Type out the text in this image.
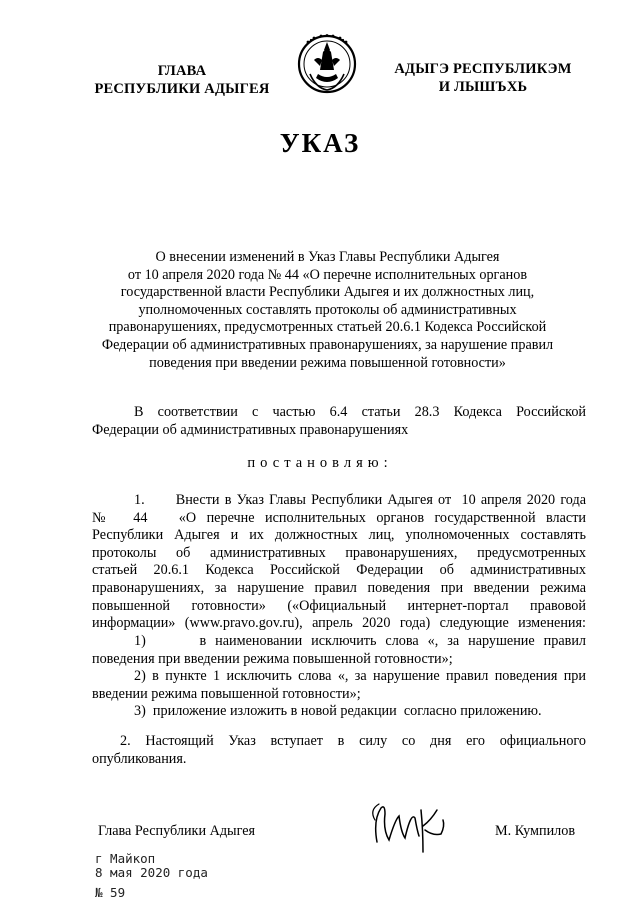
ГЛАВА
РЕСПУБЛИКИ АДЫГЕЯ
АДЫГЭ РЕСПУБЛИКЭМ
И ЛЫШЪХЬ
УКАЗ
О внесении изменений в Указ Главы Республики Адыгея
от 10 апреля 2020 года № 44 «О перечне исполнительных органов
государственной власти Республики Адыгея и их должностных лиц,
уполномоченных составлять протоколы об административных
правонарушениях, предусмотренных статьей 20.6.1 Кодекса Российской
Федерации об административных правонарушениях, за нарушение правил
поведения при введении режима повышенной готовности»
В соответствии с частью 6.4 статьи 28.3 Кодекса Российской
Федерации об административных правонарушениях
постановляю:
1.      Внести в Указ Главы Республики Адыгея от  10 апреля 2020 года
№  44   «О перечне исполнительных органов государственной власти
Республики Адыгея и их должностных лиц, уполномоченных составлять
протоколы об административных правонарушениях, предусмотренных
статьей 20.6.1 Кодекса Российской Федерации об административных
правонарушениях, за нарушение правил поведения при введении режима
повышенной готовности» («Официальный интернет-портал правовой
информации» (www.pravo.gov.ru), апрель 2020 года) следующие изменения:
1)      в наименовании исключить слова «, за нарушение правил
поведения при введении режима повышенной готовности»;
2) в пункте 1 исключить слова «, за нарушение правил поведения при
введении режима повышенной готовности»;
3)  приложение изложить в новой редакции  согласно приложению.
2. Настоящий Указ вступает в силу со дня его официального
опубликования.
Глава Республики Адыгея	М. Кумпилов
г Майкоп
8 мая 2020 года
№ 59
